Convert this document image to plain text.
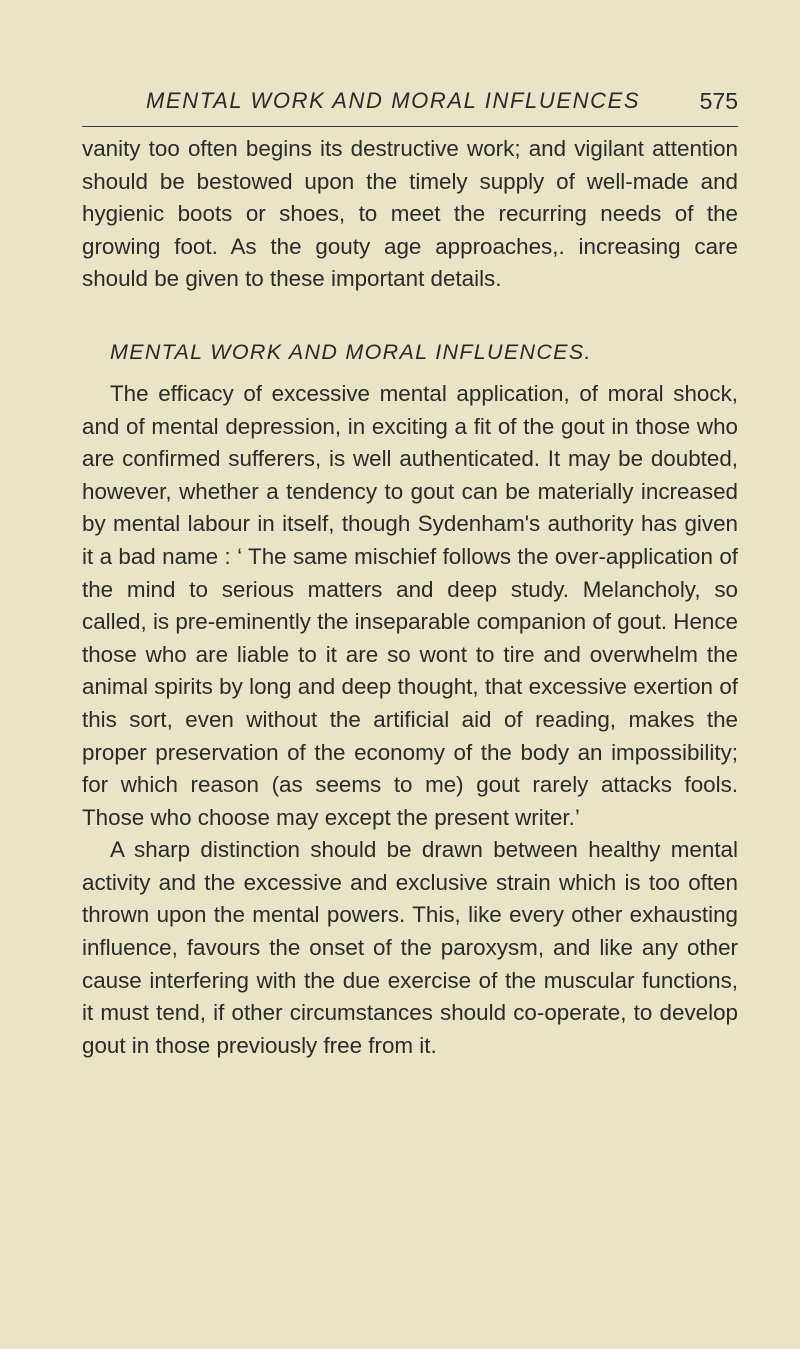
MENTAL WORK AND MORAL INFLUENCES	575

vanity too often begins its destructive work; and vigilant attention should be bestowed upon the timely supply of well-made and hygienic boots or shoes, to meet the recurring needs of the growing foot. As the gouty age approaches,. increasing care should be given to these important details.

MENTAL WORK AND MORAL INFLUENCES.

The efficacy of excessive mental application, of moral shock, and of mental depression, in exciting a fit of the gout in those who are confirmed sufferers, is well authenticated. It may be doubted, however, whether a tendency to gout can be materially increased by mental labour in itself, though Sydenham's authority has given it a bad name : ‘ The same mischief follows the over-application of the mind to serious matters and deep study. Melancholy, so called, is pre-eminently the inseparable companion of gout. Hence those who are liable to it are so wont to tire and overwhelm the animal spirits by long and deep thought, that excessive exertion of this sort, even without the artificial aid of reading, makes the proper preservation of the economy of the body an impossibility; for which reason (as seems to me) gout rarely attacks fools. Those who choose may except the present writer.’

A sharp distinction should be drawn between healthy mental activity and the excessive and exclusive strain which is too often thrown upon the mental powers. This, like every other exhausting influence, favours the onset of the paroxysm, and like any other cause interfering with the due exercise of the muscular functions, it must tend, if other circumstances should co-operate, to develop gout in those previously free from it.
